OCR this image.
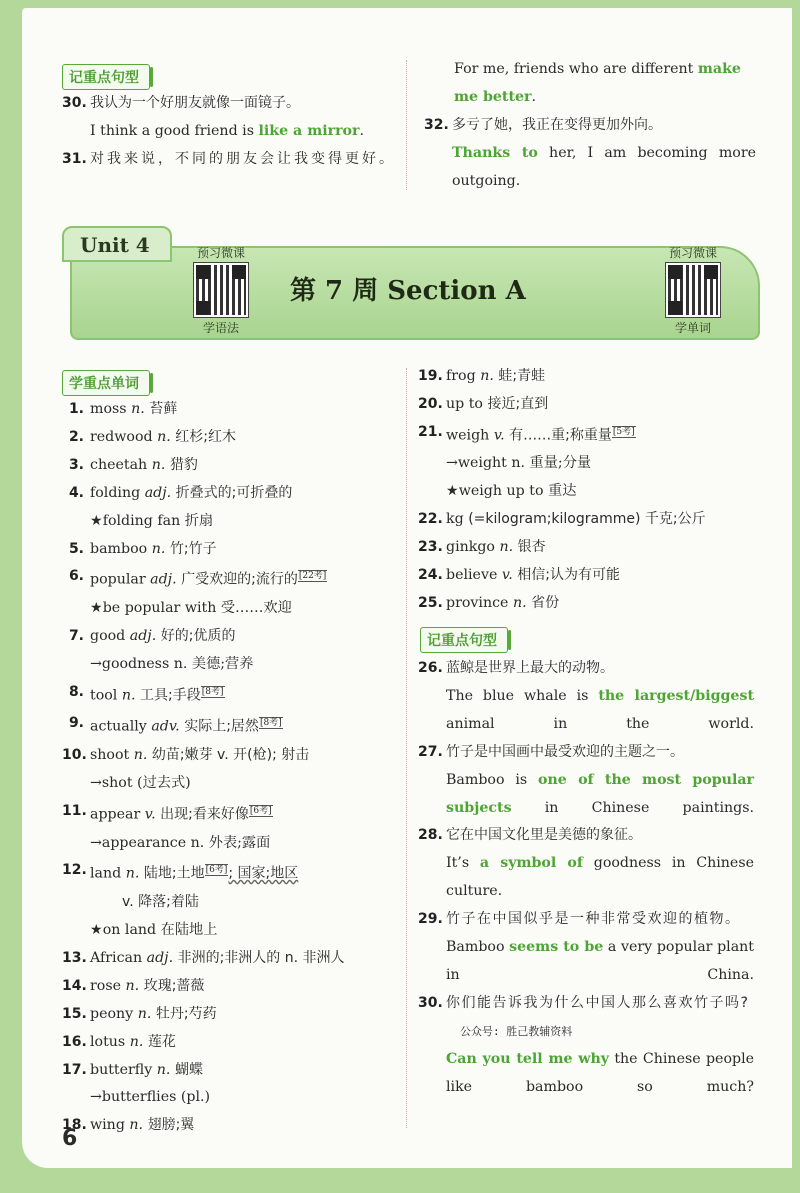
记重点句型
30. 我认为一个好朋友就像一面镜子。
I think a good friend is like a mirror.
31. 对我来说，不同的朋友会让我变得更好。
For me, friends who are different make me better.
32. 多亏了她，我正在变得更加外向。
Thanks to her, I am becoming more outgoing.
Unit 4
第 7 周 Section A
预习微课
学语法
预习微课
学单词
学重点单词
1. moss n. 苔藓
2. redwood n. 红杉;红木
3. cheetah n. 猎豹
4. folding adj. 折叠式的;可折叠的
★folding fan 折扇
5. bamboo n. 竹;竹子
6. popular adj. 广受欢迎的;流行的 [ $^{22考}$ ]
★be popular with 受……欢迎
7. good adj. 好的;优质的
→goodness n. 美德;营养
8. tool n. 工具;手段 [ $^{8考}$ ]
9. actually adv. 实际上;居然 [ $^{8考}$ ]
10. shoot n. 幼苗;嫩芽 v. 开(枪); 射击
→shot (过去式)
11. appear v. 出现;看来好像 [ $^{6考}$ ]
→appearance n. 外表;露面
12. land n. 陆地;土地 [ $^{6考}$ ] ; 国家;地区
v. 降落;着陆
★on land 在陆地上
13. African adj. 非洲的;非洲人的 n. 非洲人
14. rose n. 玫瑰;蔷薇
15. peony n. 牡丹;芍药
16. lotus n. 莲花
17. butterfly n. 蝴蝶
→butterflies (pl.)
18. wing n. 翅膀;翼
19. frog n. 蛙;青蛙
20. up to 接近;直到
21. weigh v. 有……重;称重量 [ $^{5考}$ ]
→weight n. 重量;分量
★weigh up to 重达
22. kg (=kilogram;kilogramme) 千克;公斤
23. ginkgo n. 银杏
24. believe v. 相信;认为有可能
25. province n. 省份
记重点句型
26. 蓝鲸是世界上最大的动物。
The blue whale is the largest/biggest animal in the world.
27. 竹子是中国画中最受欢迎的主题之一。
Bamboo is one of the most popular subjects in Chinese paintings.
28. 它在中国文化里是美德的象征。
It’s a symbol of goodness in Chinese culture.
29. 竹子在中国似乎是一种非常受欢迎的植物。
Bamboo seems to be a very popular plant in China.
30. 你们能告诉我为什么中国人那么喜欢竹子吗?公众号: 胜己教辅资料
Can you tell me why the Chinese people like bamboo so much?
6
